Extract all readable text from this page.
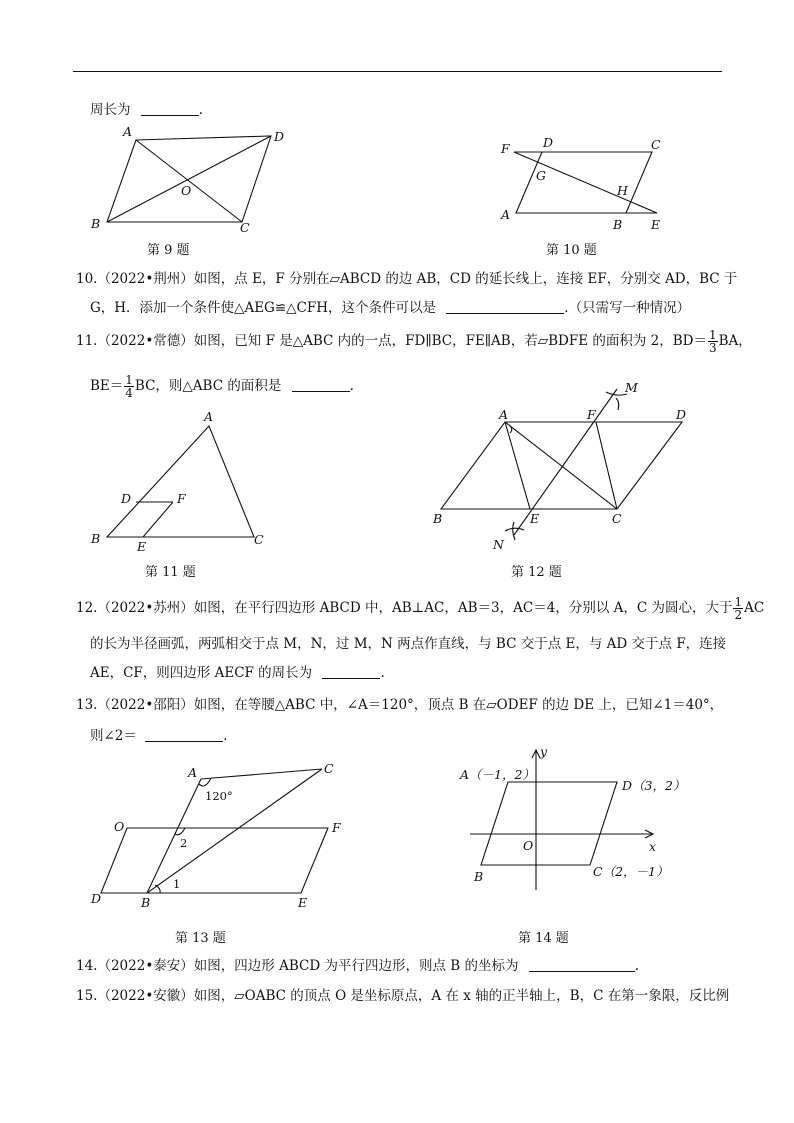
周长为	.
A	D
O
B	C
F	D	C
G
H
A
B E
A
D	F
B
E	C
A	F	D
M
B	E	C
N
A	C
120°
O	F
2
1
D	B	E
y
x
O
A（－1，2）
D（3，2）
B	C（2，－1）
第 9 题	第 10 题
第 11 题	第 12 题
第 13 题	第 14 题
10.（2022•荆州）如图，点 E，F 分别在▱ABCD 的边 AB，CD 的延长线上，连接 EF，分别交 AD，BC 于
G，H．添加一个条件使△AEG≌△CFH，这个条件可以是	.（只需写一种情况）
11.（2022•常德）如图，已知 F 是△ABC 内的一点，FD∥BC，FE∥AB，若▱BDFE 的面积为 2，$BD= \frac{1}{3}$ BA，
$BE= \frac{1}{4}$ BC，则△ABC 的面积是	.
12.（2022•苏州）如图，在平行四边形 ABCD 中，AB⊥AC，AB＝3，AC＝4，分别以 A，C 为圆心，大于 $\frac{1}{2}$ AC
的长为半径画弧，两弧相交于点 M，N，过 M，N 两点作直线，与 BC 交于点 E，与 AD 交于点 F，连接
AE，CF，则四边形 AECF 的周长为	.
13.（2022•邵阳）如图，在等腰△ABC 中，∠A＝120°，顶点 B 在▱ODEF 的边 DE 上，已知∠1＝40°，
则∠2＝	.
14.（2022•泰安）如图，四边形 ABCD 为平行四边形，则点 B 的坐标为	.
15.（2022•安徽）如图，▱OABC 的顶点 O 是坐标原点，A 在 x 轴的正半轴上，B，C 在第一象限，反比例
